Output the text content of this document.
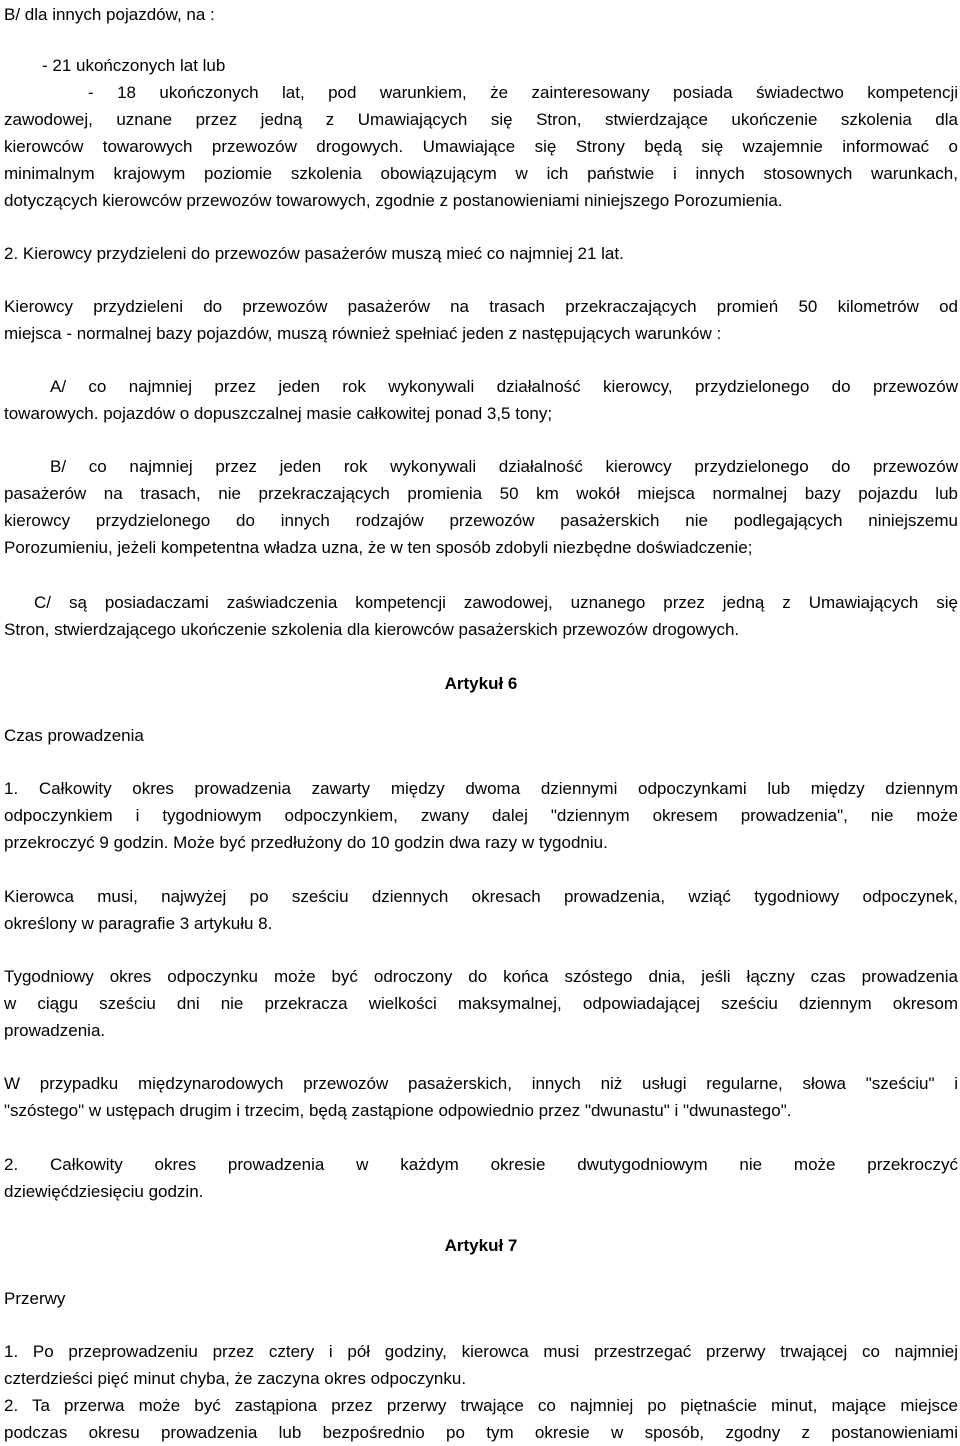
B/ dla innych pojazdów, na :
- 21 ukończonych lat lub
- 18 ukończonych lat, pod warunkiem, że zainteresowany posiada świadectwo kompetencji
zawodowej, uznane przez jedną z Umawiających się Stron, stwierdzające ukończenie szkolenia dla
kierowców towarowych przewozów drogowych. Umawiające się Strony będą się wzajemnie informować o
minimalnym krajowym poziomie szkolenia obowiązującym w ich państwie i innych stosownych warunkach,
dotyczących kierowców przewozów towarowych, zgodnie z postanowieniami niniejszego Porozumienia.
2. Kierowcy przydzieleni do przewozów pasażerów muszą mieć co najmniej 21 lat.
Kierowcy przydzieleni do przewozów pasażerów na trasach przekraczających promień 50 kilometrów od
miejsca - normalnej bazy pojazdów, muszą również spełniać jeden z następujących warunków :
A/ co najmniej przez jeden rok wykonywali działalność kierowcy, przydzielonego do przewozów
towarowych. pojazdów o dopuszczalnej masie całkowitej ponad 3,5 tony;
B/ co najmniej przez jeden rok wykonywali działalność kierowcy przydzielonego do przewozów
pasażerów na trasach, nie przekraczających promienia 50 km wokół miejsca normalnej bazy pojazdu lub
kierowcy przydzielonego do innych rodzajów przewozów pasażerskich nie podlegających niniejszemu
Porozumieniu, jeżeli kompetentna władza uzna, że w ten sposób zdobyli niezbędne doświadczenie;
C/ są posiadaczami zaświadczenia kompetencji zawodowej, uznanego przez jedną z Umawiających się
Stron, stwierdzającego ukończenie szkolenia dla kierowców pasażerskich przewozów drogowych.
Artykuł 6
Czas prowadzenia
1. Całkowity okres prowadzenia zawarty między dwoma dziennymi odpoczynkami lub między dziennym
odpoczynkiem i tygodniowym odpoczynkiem, zwany dalej "dziennym okresem prowadzenia", nie może
przekroczyć 9 godzin. Może być przedłużony do 10 godzin dwa razy w tygodniu.
Kierowca musi, najwyżej po sześciu dziennych okresach prowadzenia, wziąć tygodniowy odpoczynek,
określony w paragrafie 3 artykułu 8.
Tygodniowy okres odpoczynku może być odroczony do końca szóstego dnia, jeśli łączny czas prowadzenia
w ciągu sześciu dni nie przekracza wielkości maksymalnej, odpowiadającej sześciu dziennym okresom
prowadzenia.
W przypadku międzynarodowych przewozów pasażerskich, innych niż usługi regularne, słowa "sześciu" i
"szóstego" w ustępach drugim i trzecim, będą zastąpione odpowiednio przez "dwunastu" i "dwunastego".
2. Całkowity okres prowadzenia w każdym okresie dwutygodniowym nie może przekroczyć
dziewięćdziesięciu godzin.
Artykuł 7
Przerwy
1. Po przeprowadzeniu przez cztery i pół godziny, kierowca musi przestrzegać przerwy trwającej co najmniej
czterdzieści pięć minut chyba, że zaczyna okres odpoczynku.
2. Ta przerwa może być zastąpiona przez przerwy trwające co najmniej po piętnaście minut, mające miejsce
podczas okresu prowadzenia lub bezpośrednio po tym okresie w sposób, zgodny z postanowieniami
